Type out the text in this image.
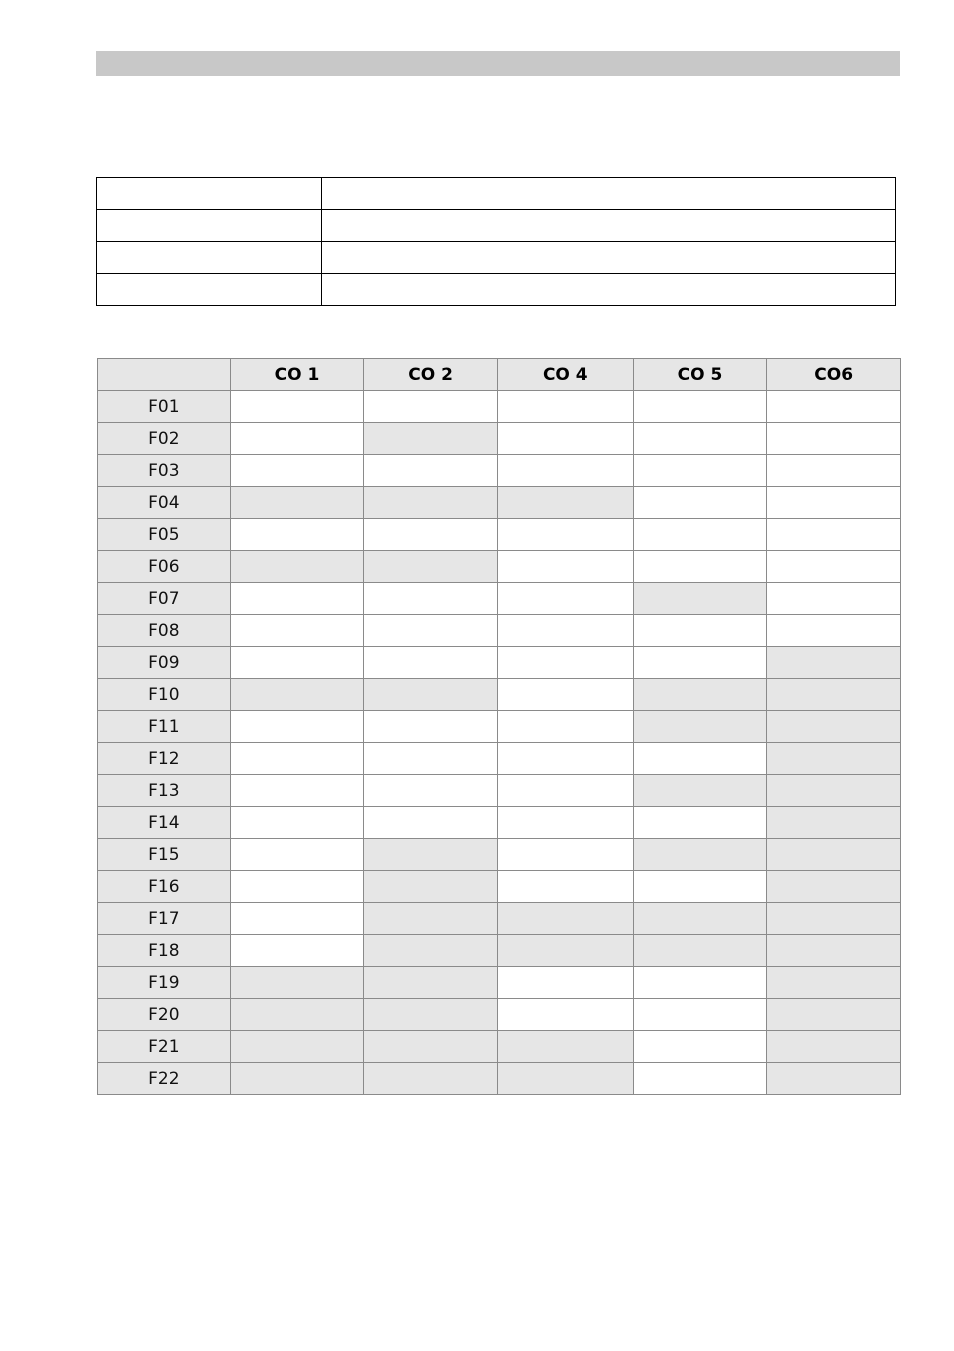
	CO 1	CO 2	CO 4	CO 5	CO6
F01					
F02					
F03					
F04					
F05					
F06					
F07					
F08					
F09					
F10					
F11					
F12					
F13					
F14					
F15					
F16					
F17					
F18					
F19					
F20					
F21					
F22					
